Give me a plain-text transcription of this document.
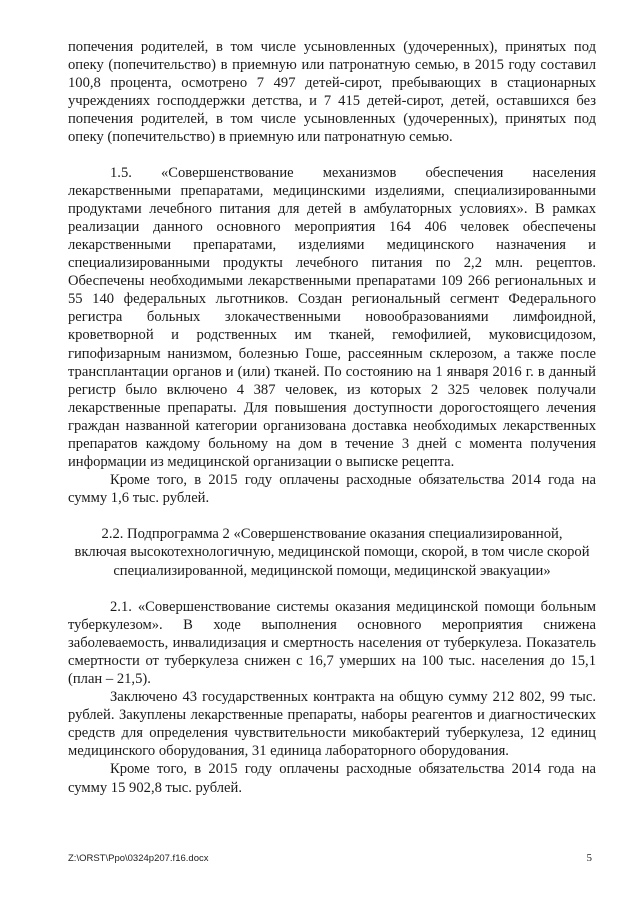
попечения родителей, в том числе усыновленных (удочеренных), принятых под опеку (попечительство) в приемную или патронатную семью, в 2015 году составил 100,8 процента, осмотрено 7 497 детей-сирот, пребывающих в стационарных учреждениях господдержки детства, и 7 415 детей-сирот, детей, оставшихся без попечения родителей, в том числе усыновленных (удочеренных), принятых под опеку (попечительство) в приемную или патронатную семью.

1.5. «Совершенствование механизмов обеспечения населения лекарственными препаратами, медицинскими изделиями, специализированными продуктами лечебного питания для детей в амбулаторных условиях». В рамках реализации данного основного мероприятия 164 406 человек обеспечены лекарственными препаратами, изделиями медицинского назначения и специализированными продукты лечебного питания по 2,2 млн. рецептов. Обеспечены необходимыми лекарственными препаратами 109 266 региональных и 55 140 федеральных льготников. Создан региональный сегмент Федерального регистра больных злокачественными новообразованиями лимфоидной, кроветворной и родственных им тканей, гемофилией, муковисцидозом, гипофизарным нанизмом, болезнью Гоше, рассеянным склерозом, а также после трансплантации органов и (или) тканей. По состоянию на 1 января 2016 г. в данный регистр было включено 4 387 человек, из которых 2 325 человек получали лекарственные препараты. Для повышения доступности дорогостоящего лечения граждан названной категории организована доставка необходимых лекарственных препаратов каждому больному на дом в течение 3 дней с момента получения информации из медицинской организации о выписке рецепта.

Кроме того, в 2015 году оплачены расходные обязательства 2014 года на сумму 1,6 тыс. рублей.

2.2. Подпрограмма 2 «Совершенствование оказания специализированной, включая высокотехнологичную, медицинской помощи, скорой, в том числе скорой специализированной, медицинской помощи, медицинской эвакуации»

2.1. «Совершенствование системы оказания медицинской помощи больным туберкулезом». В ходе выполнения основного мероприятия снижена заболеваемость, инвалидизация и смертность населения от туберкулеза. Показатель смертности от туберкулеза снижен с 16,7 умерших на 100 тыс. населения до 15,1 (план – 21,5).

Заключено 43 государственных контракта на общую сумму 212 802, 99 тыс. рублей. Закуплены лекарственные препараты, наборы реагентов и диагностических средств для определения чувствительности микобактерий туберкулеза, 12 единиц медицинского оборудования, 31 единица лабораторного оборудования.

Кроме того, в 2015 году оплачены расходные обязательства 2014 года на сумму 15 902,8 тыс. рублей.

Z:\ORST\Ppo\0324p207.f16.docx	5
